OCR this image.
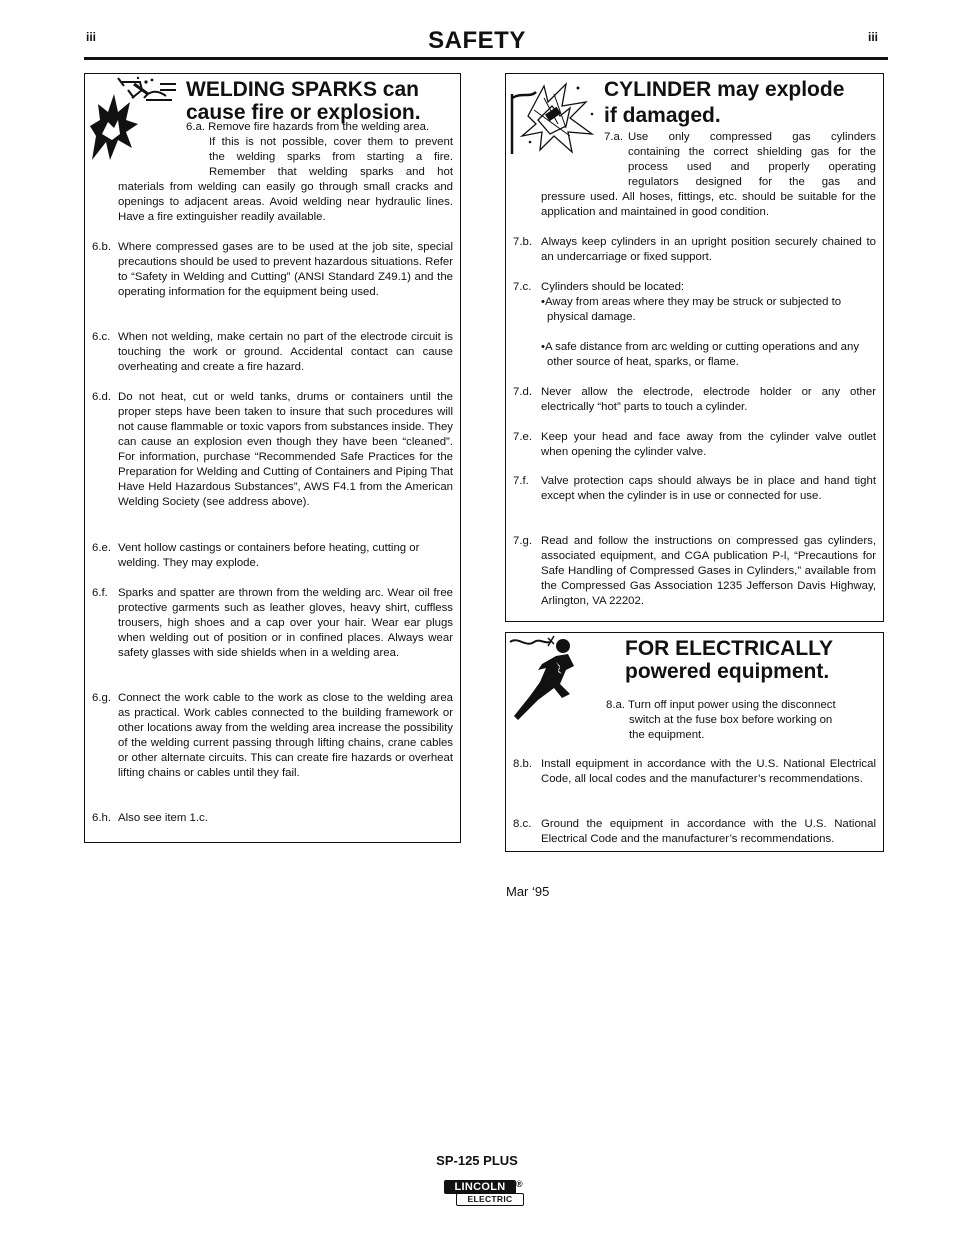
iii	iii
SAFETY
WELDING SPARKS can
cause fire or explosion.
6.a. Remove fire hazards from the welding area.
If this is not possible, cover them to prevent
the welding sparks from starting a fire.
Remember that welding sparks and hot
materials from welding can easily go through small cracks and openings to adjacent areas. Avoid welding near hydraulic lines. Have a fire extinguisher readily available.
6.b. Where compressed gases are to be used at the job site, special precautions should be used to prevent hazardous situations. Refer to “Safety in Welding and Cutting” (ANSI Standard Z49.1) and the operating information for the equipment being used.
6.c. When not welding, make certain no part of the electrode circuit is touching the work or ground. Accidental contact can cause overheating and create a fire hazard.
6.d. Do not heat, cut or weld tanks, drums or containers until the proper steps have been taken to insure that such procedures will not cause flammable or toxic vapors from substances inside. They can cause an explosion even though they have been “cleaned”. For information, purchase “Recommended Safe Practices for the Preparation for Welding and Cutting of Containers and Piping That Have Held Hazardous Substances”, AWS F4.1 from the American Welding Society (see address above).
6.e. Vent hollow castings or containers before heating, cutting or welding. They may explode.
6.f. Sparks and spatter are thrown from the welding arc. Wear oil free protective garments such as leather gloves, heavy shirt, cuffless trousers, high shoes and a cap over your hair. Wear ear plugs when welding out of position or in confined places. Always wear safety glasses with side shields when in a welding area.
6.g. Connect the work cable to the work as close to the welding area as practical. Work cables connected to the building framework or other locations away from the welding area increase the possibility of the welding current passing through lifting chains, crane cables or other alternate circuits. This can create fire hazards or overheat lifting chains or cables until they fail.
6.h. Also see item 1.c.
CYLINDER may explode
if damaged.
7.a. Use only compressed gas cylinders
containing the correct shielding gas for the
process used and properly operating
regulators designed for the gas and
pressure used. All hoses, fittings, etc. should be suitable for the application and maintained in good condition.
7.b. Always keep cylinders in an upright position securely chained to an undercarriage or fixed support.
7.c. Cylinders should be located:
•Away from areas where they may be struck or subjected to physical damage.
•A safe distance from arc welding or cutting operations and any other source of heat, sparks, or flame.
7.d. Never allow the electrode, electrode holder or any other electrically “hot” parts to touch a cylinder.
7.e. Keep your head and face away from the cylinder valve outlet when opening the cylinder valve.
7.f. Valve protection caps should always be in place and hand tight except when the cylinder is in use or connected for use.
7.g. Read and follow the instructions on compressed gas cylinders, associated equipment, and CGA publication P-l, “Precautions for Safe Handling of Compressed Gases in Cylinders,” available from the Compressed Gas Association 1235 Jefferson Davis Highway, Arlington, VA 22202.
FOR ELECTRICALLY
powered equipment.
8.a. Turn off input power using the disconnect
switch at the fuse box before working on
the equipment.
8.b. Install equipment in accordance with the U.S. National Electrical Code, all local codes and the manufacturer’s recommendations.
8.c. Ground the equipment in accordance with the U.S. National Electrical Code and the manufacturer’s recommendations.
Mar ‘95
SP-125 PLUS
LINCOLN
ELECTRIC
®
